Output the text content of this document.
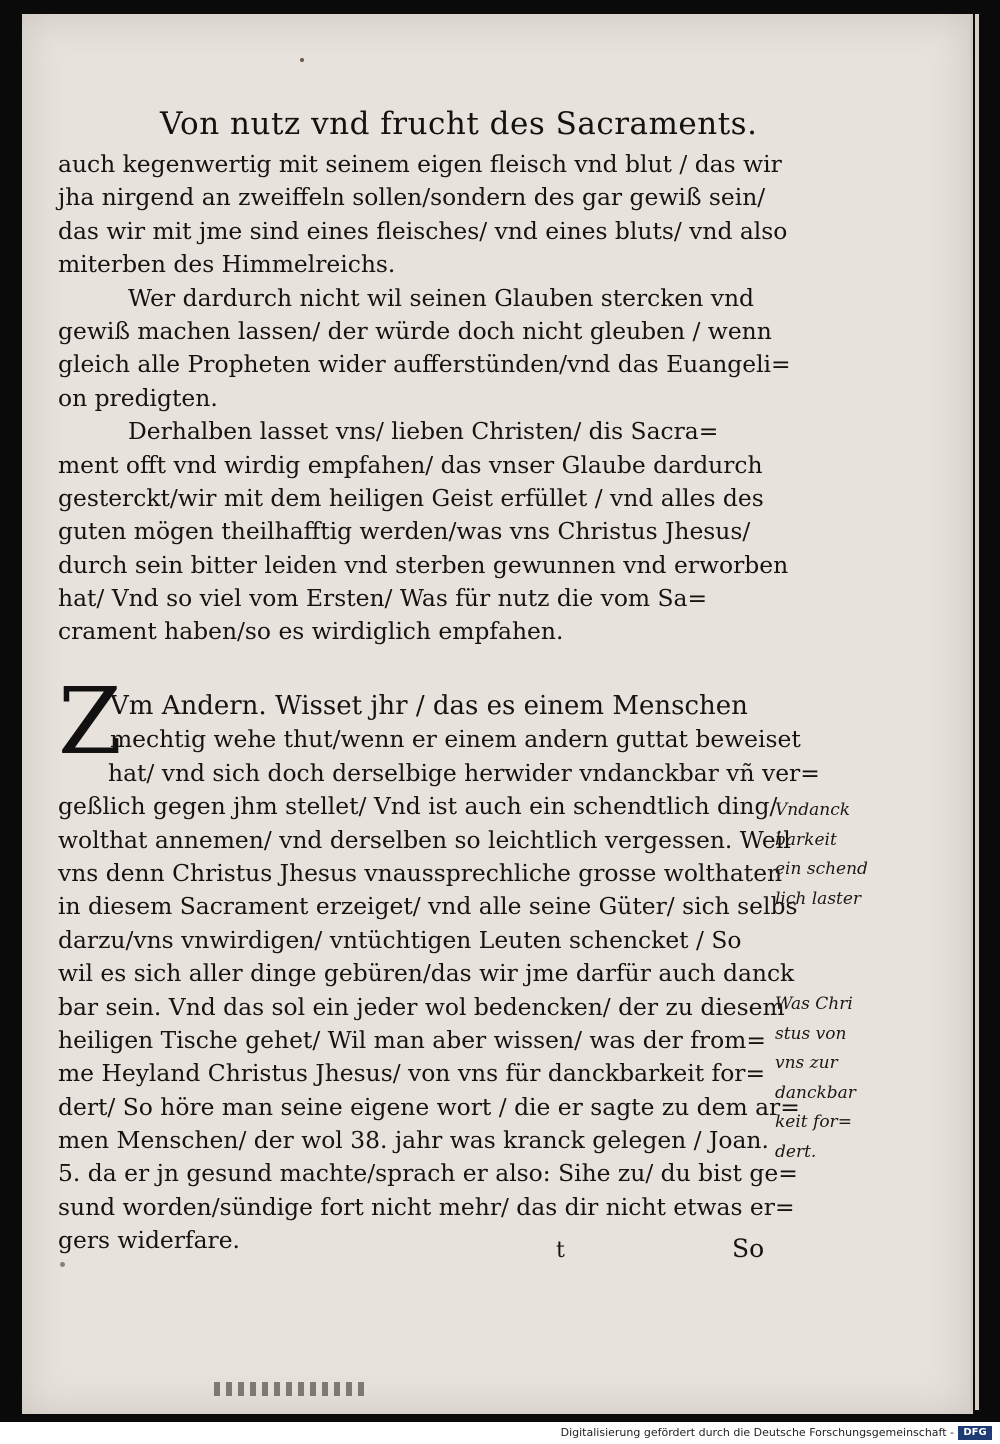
Von nutz vnd frucht des Sacraments.
auch kegenwertig mit seinem eigen fleisch vnd blut / das wir
jha nirgend an zweiffeln sollen/sondern des gar gewiß sein/
das wir mit jme sind eines fleisches/ vnd eines bluts/ vnd also
miterben des Himmelreichs.
Wer dardurch nicht wil seinen Glauben stercken vnd
gewiß machen lassen/ der würde doch nicht gleuben / wenn
gleich alle Propheten wider aufferstünden/vnd das Euangeli=
on predigten.
Derhalben lasset vns/ lieben Christen/ dis Sacra=
ment offt vnd wirdig empfahen/ das vnser Glaube dardurch
gesterckt/wir mit dem heiligen Geist erfüllet / vnd alles des
guten mögen theilhafftig werden/was vns Christus Jhesus/
durch sein bitter leiden vnd sterben gewunnen vnd erworben
hat/ Vnd so viel vom Ersten/ Was für nutz die vom Sa=
crament haben/so es wirdiglich empfahen.
Z
Vm Andern. Wisset jhr / das es einem Menschen
mechtig wehe thut/wenn er einem andern guttat beweiset
hat/ vnd sich doch derselbige herwider vndanckbar vñ ver=
geßlich gegen jhm stellet/ Vnd ist auch ein schendtlich ding/
wolthat annemen/ vnd derselben so leichtlich vergessen. Weil
vns denn Christus Jhesus vnaussprechliche grosse wolthaten
in diesem Sacrament erzeiget/ vnd alle seine Güter/ sich selbs
darzu/vns vnwirdigen/ vntüchtigen Leuten schencket / So
wil es sich aller dinge gebüren/das wir jme darfür auch danck
bar sein. Vnd das sol ein jeder wol bedencken/ der zu diesem
heiligen Tische gehet/ Wil man aber wissen/ was der from=
me Heyland Christus Jhesus/ von vns für danckbarkeit for=
dert/ So höre man seine eigene wort / die er sagte zu dem ar=
men Menschen/ der wol 38. jahr was kranck gelegen / Joan.
5. da er jn gesund machte/sprach er also: Sihe zu/ du bist ge=
sund worden/sündige fort nicht mehr/ das dir nicht etwas er=
gers widerfare.
Vndanck
barkeit
ein schend
lich laster
Was Chri
stus von
vns zur
danckbar
keit for=
dert.
t	So
Digitalisierung gefördert durch die Deutsche Forschungsgemeinschaft - DFG
